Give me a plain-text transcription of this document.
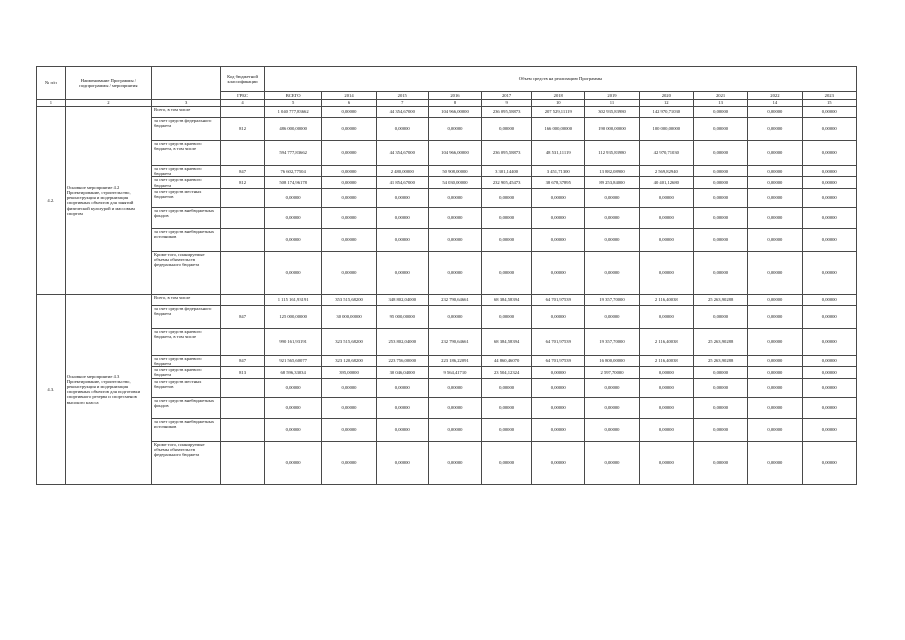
№ п/п	Наименование Программы / подпрограммы / мероприятия		Код бюджетной классификации	Объем средств на реализацию Программы										
			ГРБС	ВСЕГО	2014	2015	2016	2017	2018	2019	2020	2021	2022	2023
1	2	3	4	5	6	7	8	9	10	11	12	13	14	15
4.2.	Основное мероприятие 4.2 Проектирование, строительство, реконструкция и модернизация спортивных объектов для занятий физической культурой и массовым спортом	Всего, в том числе		1 040 777,83662	0,00000	44 354,67000	104 966,00000	236 095,58873	207 529,11119	302 935,83980	142 970,71030	0,00000	0,00000	0,00000
		за счет средств федерального бюджета	812	486 000,00000	0,00000	0,00000	0,00000	0,00000	166 000,00000	190 000,00000	100 000,00000	0,00000	0,00000	0,00000
		за счет средств краевого бюджета, в том числе		594 777,83662	0,00000	44 354,67000	104 966,00000	236 095,58873	48 531,11119	112 935,83980	42 970,71030	0,00000	0,00000	0,00000
		за счет средств краевого бюджета	847	76 602,77504	0,00000	2 480,00000	50 908,00000	3 301,14400	3 451,71300	13 882,08900	2 569,82940	0,00000	0,00000	0,00000
		за счет средств краевого бюджета	812	508 174,96178	0,00000	41 854,67000	54 030,00000	232 905,45473	38 678,37895	89 253,84000	40 401,12680	0,00000	0,00000	0,00000
		за счет средств местных бюджетов		0,00000	0,00000	0,00000	0,00000	0,00000	0,00000	0,00000	0,00000	0,00000	0,00000	0,00000
		за счет средств внебюджетных фондов		0,00000	0,00000	0,00000	0,00000	0,00000	0,00000	0,00000	0,00000	0,00000	0,00000	0,00000
		за счет средств внебюджетных источников		0,00000	0,00000	0,00000	0,00000	0,00000	0,00000	0,00000	0,00000	0,00000	0,00000	0,00000
		Кроме того, планируемые объемы обязательств федерального бюджета		0,00000	0,00000	0,00000	0,00000	0,00000	0,00000	0,00000	0,00000	0,00000	0,00000	0,00000
4.3.	Основное мероприятие 4.3 Проектирование, строительство, реконструкция и модернизация спортивных объектов для подготовки спортивного резерва и спортсменов высокого класса	Всего, в том числе		1 115 161,93191	353 515,68200	348 802,04000	232 790,64661	68 384,58394	64 701,97539	19 357,70000	2 116,40038	25 263,90288	0,00000	0,00000
		за счет средств федерального бюджета	847	125 000,00000	30 000,00000	95 000,00000	0,00000	0,00000	0,00000	0,00000	0,00000	0,00000	0,00000	0,00000
		за счет средств краевого бюджета, в том числе		990 161,93191	323 515,68200	253 802,04000	232 790,64661	68 384,58394	64 701,97539	19 357,70000	2 116,40038	25 263,90288	0,00000	0,00000
		за счет средств краевого бюджета	847	921 565,60077	323 120,68200	223 756,00000	223 186,22091	44 860,46070	64 701,97539	16 800,00000	2 116,40038	25 263,90288	0,00000	0,00000
		за счет средств краевого бюджета	813	68 596,33034	395,00000	30 046,04000	9 564,41710	23 504,12324	0,00000	2 597,70000	0,00000	0,00000	0,00000	0,00000
		за счет средств местных бюджетов		0,00000	0,00000	0,00000	0,00000	0,00000	0,00000	0,00000	0,00000	0,00000	0,00000	0,00000
		за счет средств внебюджетных фондов		0,00000	0,00000	0,00000	0,00000	0,00000	0,00000	0,00000	0,00000	0,00000	0,00000	0,00000
		за счет средств внебюджетных источников		0,00000	0,00000	0,00000	0,00000	0,00000	0,00000	0,00000	0,00000	0,00000	0,00000	0,00000
		Кроме того, планируемые объемы обязательств федерального бюджета		0,00000	0,00000	0,00000	0,00000	0,00000	0,00000	0,00000	0,00000	0,00000	0,00000	0,00000
